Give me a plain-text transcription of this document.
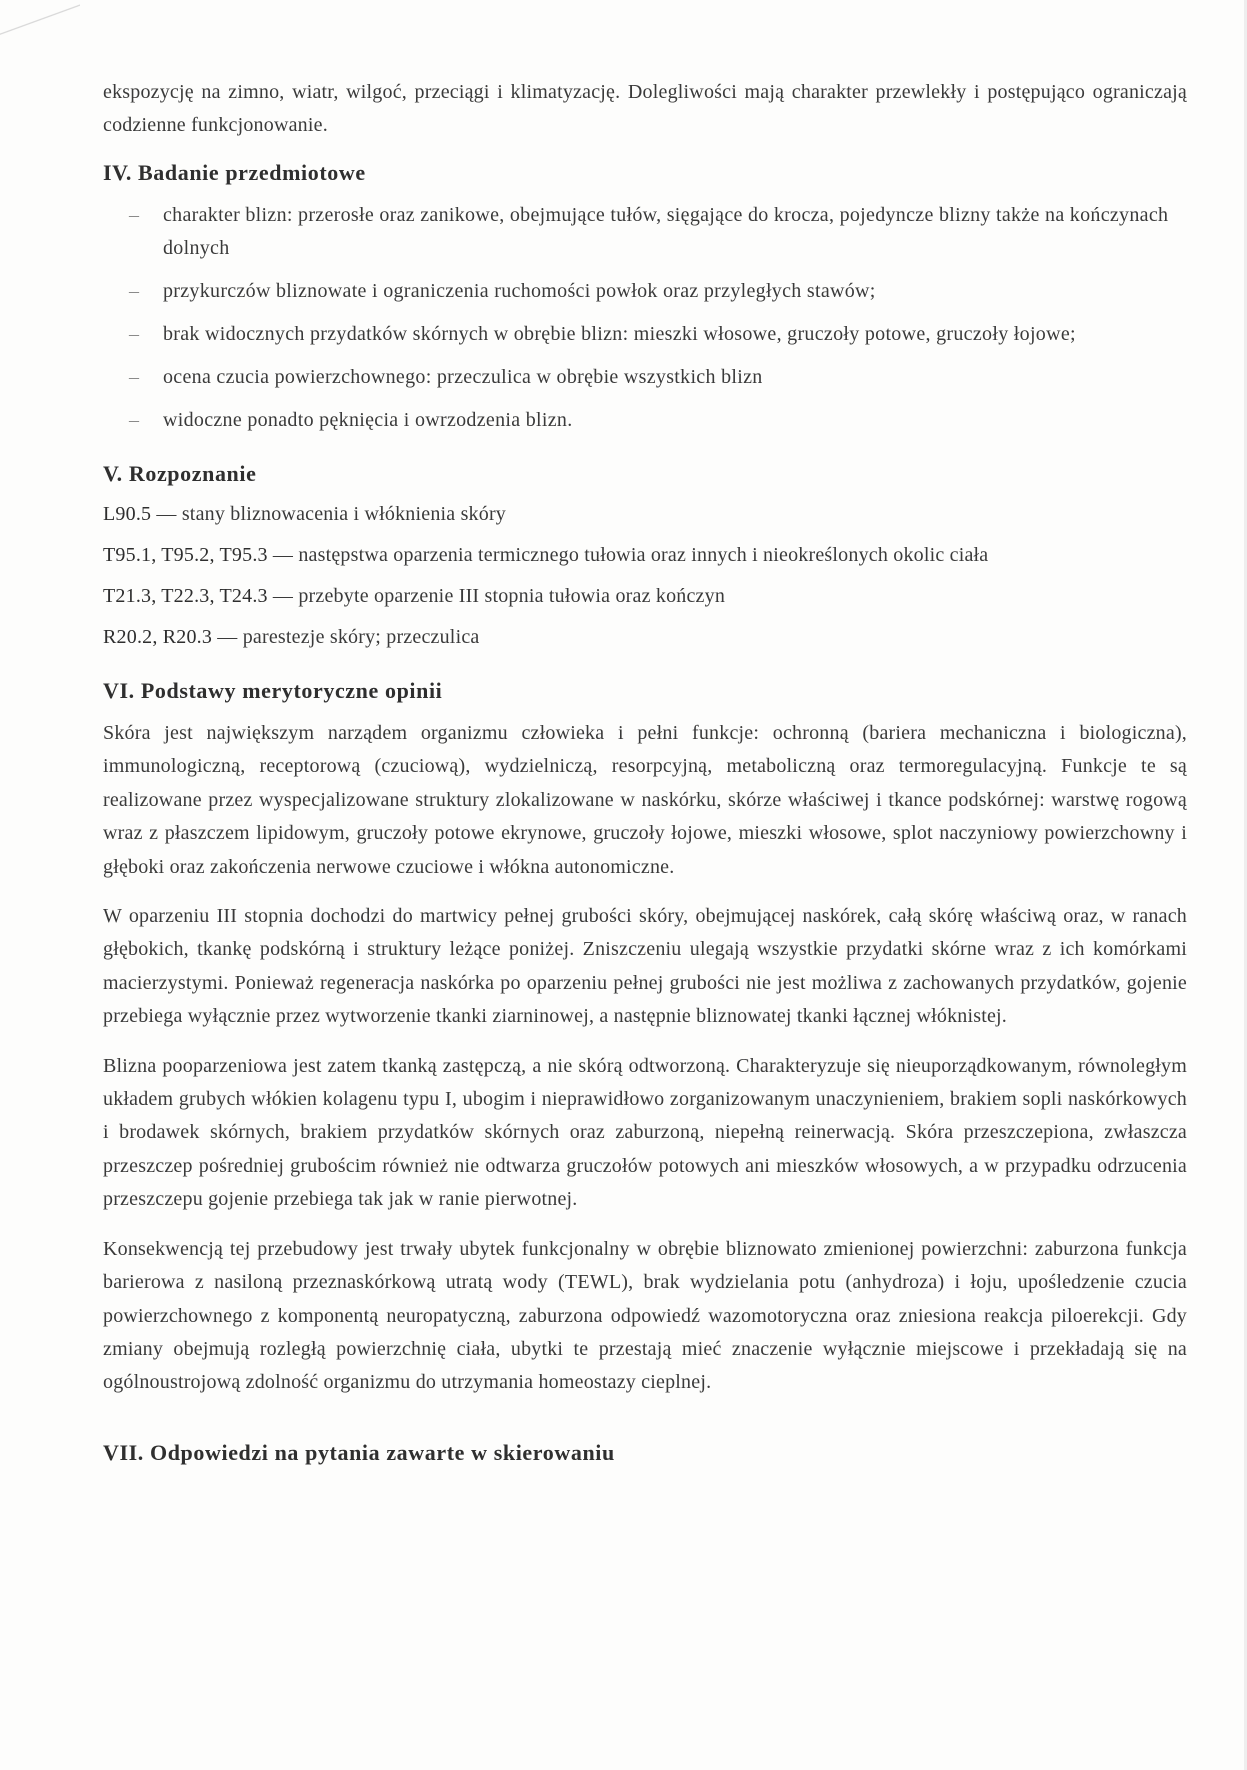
ekspozycję na zimno, wiatr, wilgoć, przeciągi i klimatyzację. Dolegliwości mają charakter przewlekły i postępująco ograniczają codzienne funkcjonowanie.

IV. Badanie przedmiotowe
– charakter blizn: przerosłe oraz zanikowe, obejmujące tułów, sięgające do krocza, pojedyncze blizny także na kończynach dolnych
– przykurczów bliznowate i ograniczenia ruchomości powłok oraz przyległych stawów;
– brak widocznych przydatków skórnych w obrębie blizn: mieszki włosowe, gruczoły potowe, gruczoły łojowe;
– ocena czucia powierzchownego: przeczulica w obrębie wszystkich blizn
– widoczne ponadto pęknięcia i owrzodzenia blizn.
V. Rozpoznanie

L90.5 — stany bliznowacenia i włóknienia skóry

T95.1, T95.2, T95.3 — następstwa oparzenia termicznego tułowia oraz innych i nieokreślonych okolic ciała

T21.3, T22.3, T24.3 — przebyte oparzenie III stopnia tułowia oraz kończyn

R20.2, R20.3 — parestezje skóry; przeczulica

VI. Podstawy merytoryczne opinii

Skóra jest największym narządem organizmu człowieka i pełni funkcje: ochronną (bariera mechaniczna i biologiczna), immunologiczną, receptorową (czuciową), wydzielniczą, resorpcyjną, metaboliczną oraz termoregulacyjną. Funkcje te są realizowane przez wyspecjalizowane struktury zlokalizowane w naskórku, skórze właściwej i tkance podskórnej: warstwę rogową wraz z płaszczem lipidowym, gruczoły potowe ekrynowe, gruczoły łojowe, mieszki włosowe, splot naczyniowy powierzchowny i głęboki oraz zakończenia nerwowe czuciowe i włókna autonomiczne.

W oparzeniu III stopnia dochodzi do martwicy pełnej grubości skóry, obejmującej naskórek, całą skórę właściwą oraz, w ranach głębokich, tkankę podskórną i struktury leżące poniżej. Zniszczeniu ulegają wszystkie przydatki skórne wraz z ich komórkami macierzystymi. Ponieważ regeneracja naskórka po oparzeniu pełnej grubości nie jest możliwa z zachowanych przydatków, gojenie przebiega wyłącznie przez wytworzenie tkanki ziarninowej, a następnie bliznowatej tkanki łącznej włóknistej.

Blizna pooparzeniowa jest zatem tkanką zastępczą, a nie skórą odtworzoną. Charakteryzuje się nieuporządkowanym, równoległym układem grubych włókien kolagenu typu I, ubogim i nieprawidłowo zorganizowanym unaczynieniem, brakiem sopli naskórkowych i brodawek skórnych, brakiem przydatków skórnych oraz zaburzoną, niepełną reinerwacją. Skóra przeszczepiona, zwłaszcza przeszczep pośredniej grubościm również nie odtwarza gruczołów potowych ani mieszków włosowych, a w przypadku odrzucenia przeszczepu gojenie przebiega tak jak w ranie pierwotnej.

Konsekwencją tej przebudowy jest trwały ubytek funkcjonalny w obrębie bliznowato zmienionej powierzchni: zaburzona funkcja barierowa z nasiloną przeznaskórkową utratą wody (TEWL), brak wydzielania potu (anhydroza) i łoju, upośledzenie czucia powierzchownego z komponentą neuropatyczną, zaburzona odpowiedź wazomotoryczna oraz zniesiona reakcja piloerekcji. Gdy zmiany obejmują rozległą powierzchnię ciała, ubytki te przestają mieć znaczenie wyłącznie miejscowe i przekładają się na ogólnoustrojową zdolność organizmu do utrzymania homeostazy cieplnej.

VII. Odpowiedzi na pytania zawarte w skierowaniu
